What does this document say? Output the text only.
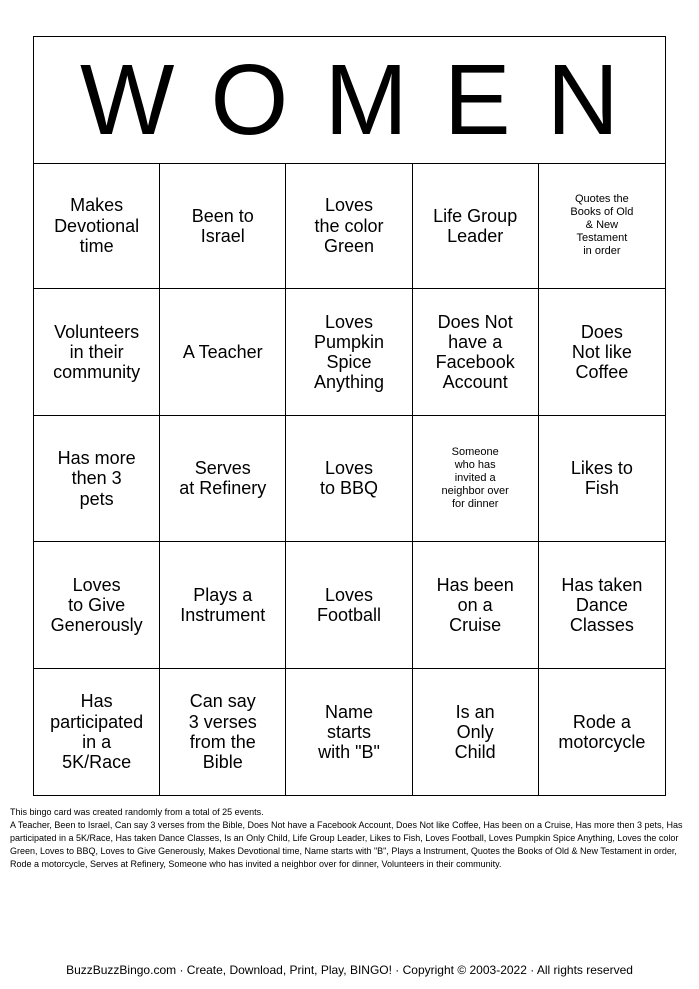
W O M E N
Makes
Devotional
time
Been to
Israel
Loves
the color
Green
Life Group
Leader
Quotes the
Books of Old
& New
Testament
in order
Volunteers
in their
community
A Teacher
Loves
Pumpkin
Spice
Anything
Does Not
have a
Facebook
Account
Does
Not like
Coffee
Has more
then 3
pets
Serves
at Refinery
Loves
to BBQ
Someone
who has
invited a
neighbor over
for dinner
Likes to
Fish
Loves
to Give
Generously
Plays a
Instrument
Loves
Football
Has been
on a
Cruise
Has taken
Dance
Classes
Has
participated
in a
5K/Race
Can say
3 verses
from the
Bible
Name
starts
with "B"
Is an
Only
Child
Rode a
motorcycle

This bingo card was created randomly from a total of 25 events.

A Teacher, Been to Israel, Can say 3 verses from the Bible, Does Not have a Facebook Account, Does Not like Coffee, Has been on a Cruise, Has more then 3 pets, Has participated in a 5K/Race, Has taken Dance Classes, Is an Only Child, Life Group Leader, Likes to Fish, Loves Football, Loves Pumpkin Spice Anything, Loves the color Green, Loves to BBQ, Loves to Give Generously, Makes Devotional time, Name starts with "B", Plays a Instrument, Quotes the Books of Old & New Testament in order, Rode a motorcycle, Serves at Refinery, Someone who has invited a neighbor over for dinner, Volunteers in their community.

BuzzBuzzBingo.com · Create, Download, Print, Play, BINGO! · Copyright © 2003-2022 · All rights reserved
